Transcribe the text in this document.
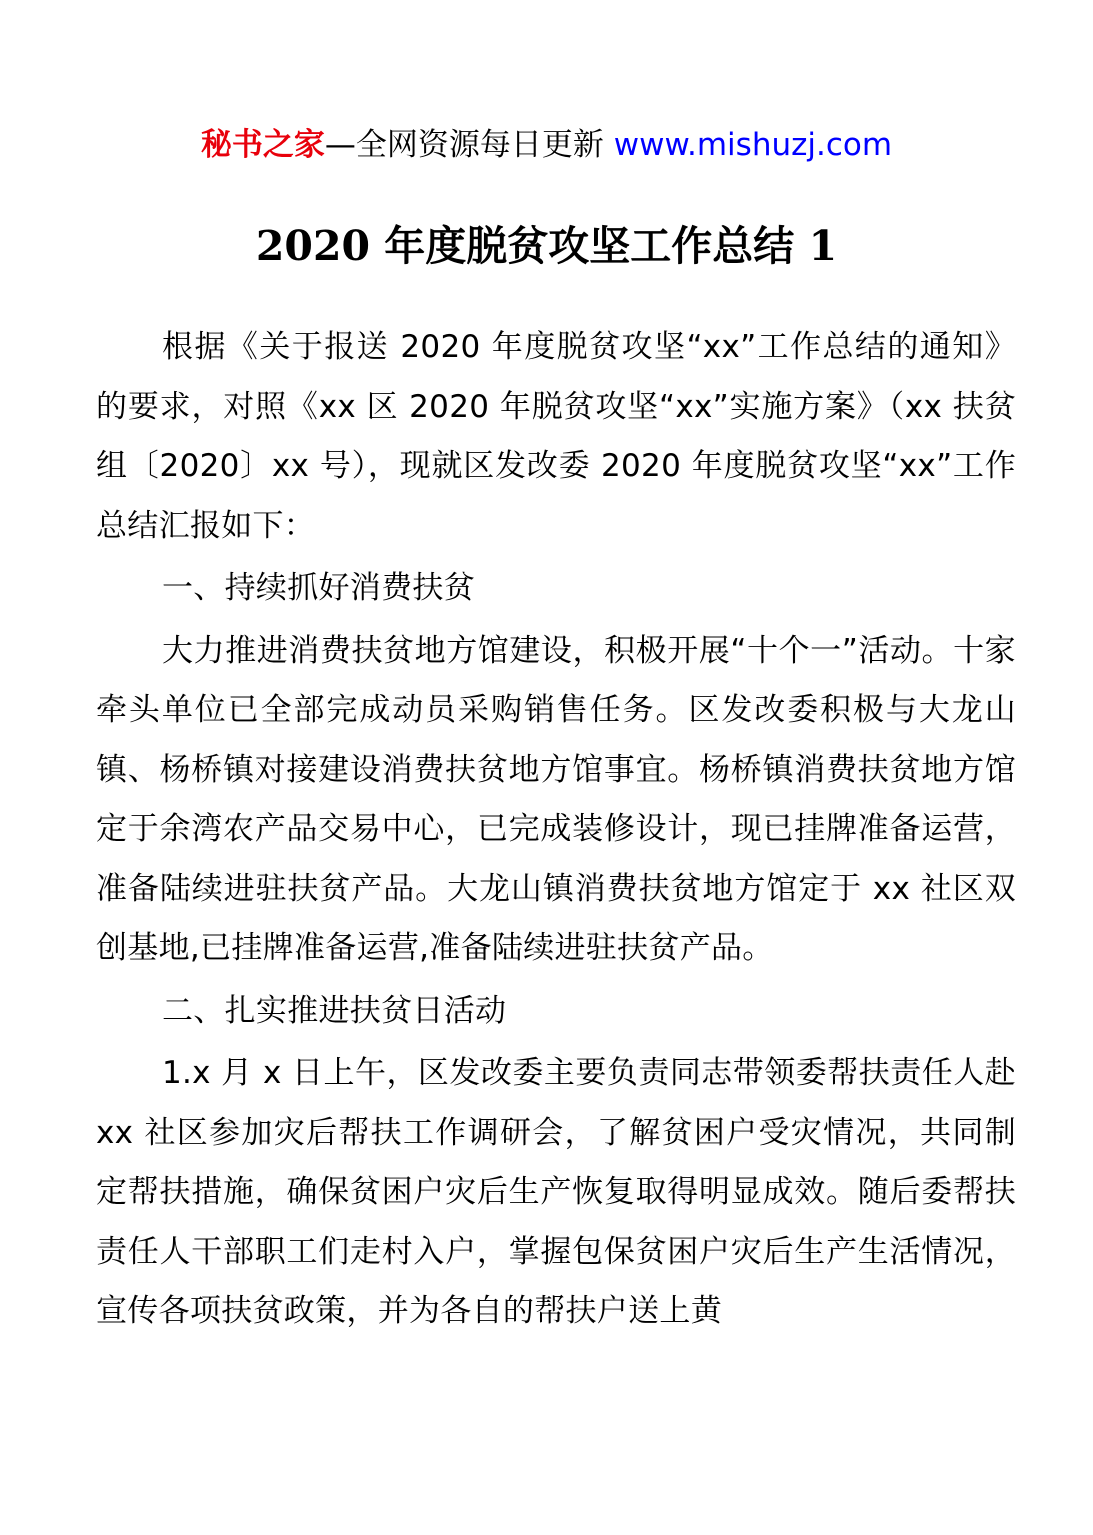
秘书之家—全网资源每日更新 www.mishuzj.com
2020 年度脱贫攻坚工作总结 1

根据《关于报送 2020 年度脱贫攻坚“xx”工作总结的通知》的要求，对照《xx 区 2020 年脱贫攻坚“xx”实施方案》（xx 扶贫组〔2020〕xx 号），现就区发改委 2020 年度脱贫攻坚“xx”工作总结汇报如下：

一、持续抓好消费扶贫

大力推进消费扶贫地方馆建设，积极开展“十个一”活动。十家牵头单位已全部完成动员采购销售任务。区发改委积极与大龙山镇、杨桥镇对接建设消费扶贫地方馆事宜。杨桥镇消费扶贫地方馆定于余湾农产品交易中心，已完成装修设计，现已挂牌准备运营，准备陆续进驻扶贫产品。大龙山镇消费扶贫地方馆定于 xx 社区双创基地,已挂牌准备运营,准备陆续进驻扶贫产品。

二、扎实推进扶贫日活动

1.x 月 x 日上午，区发改委主要负责同志带领委帮扶责任人赴 xx 社区参加灾后帮扶工作调研会，了解贫困户受灾情况，共同制定帮扶措施，确保贫困户灾后生产恢复取得明显成效。随后委帮扶责任人干部职工们走村入户，掌握包保贫困户灾后生产生活情况，宣传各项扶贫政策，并为各自的帮扶户送上黄
